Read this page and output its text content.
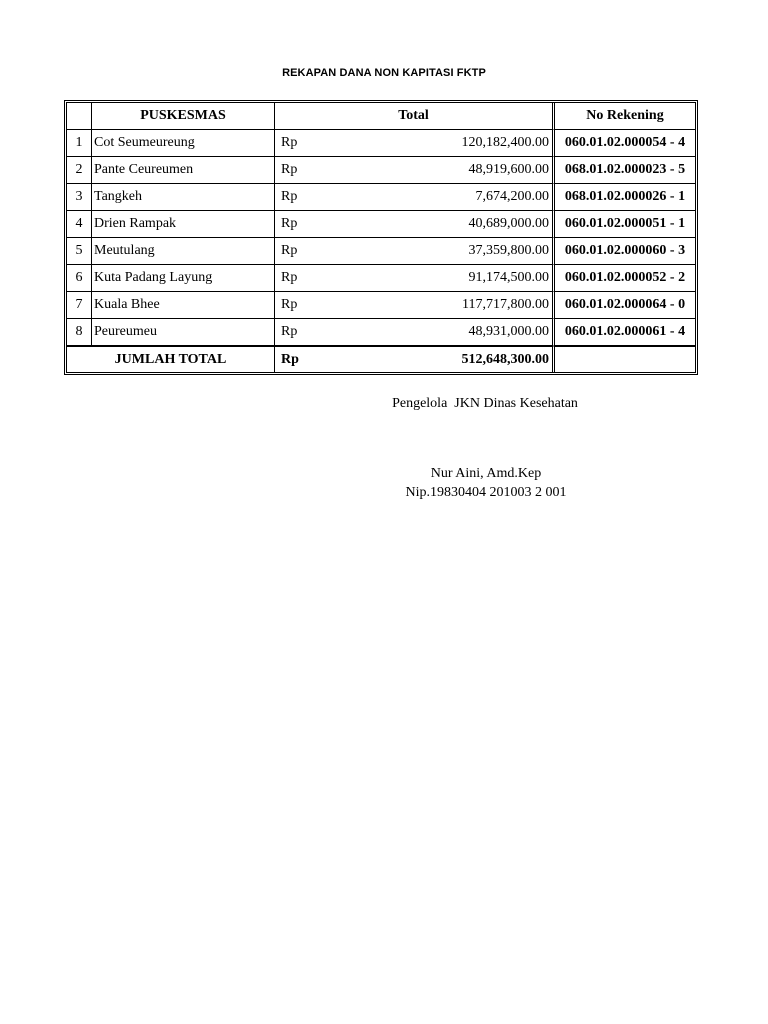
REKAPAN DANA NON KAPITASI FKTP
	PUSKESMAS	Total		No Rekening
1	Cot Seumeureung	Rp	120,182,400.00	060.01.02.000054 - 4
2	Pante Ceureumen	Rp	48,919,600.00	068.01.02.000023 - 5
3	Tangkeh	Rp	7,674,200.00	068.01.02.000026 - 1
4	Drien Rampak	Rp	40,689,000.00	060.01.02.000051 - 1
5	Meutulang	Rp	37,359,800.00	060.01.02.000060 - 3
6	Kuta Padang Layung	Rp	91,174,500.00	060.01.02.000052 - 2
7	Kuala Bhee	Rp	117,717,800.00	060.01.02.000064 - 0
8	Peureumeu	Rp	48,931,000.00	060.01.02.000061 - 4
JUMLAH TOTAL		Rp	512,648,300.00	
Pengelola  JKN Dinas Kesehatan
Nur Aini, Amd.Kep
Nip.19830404 201003 2 001
